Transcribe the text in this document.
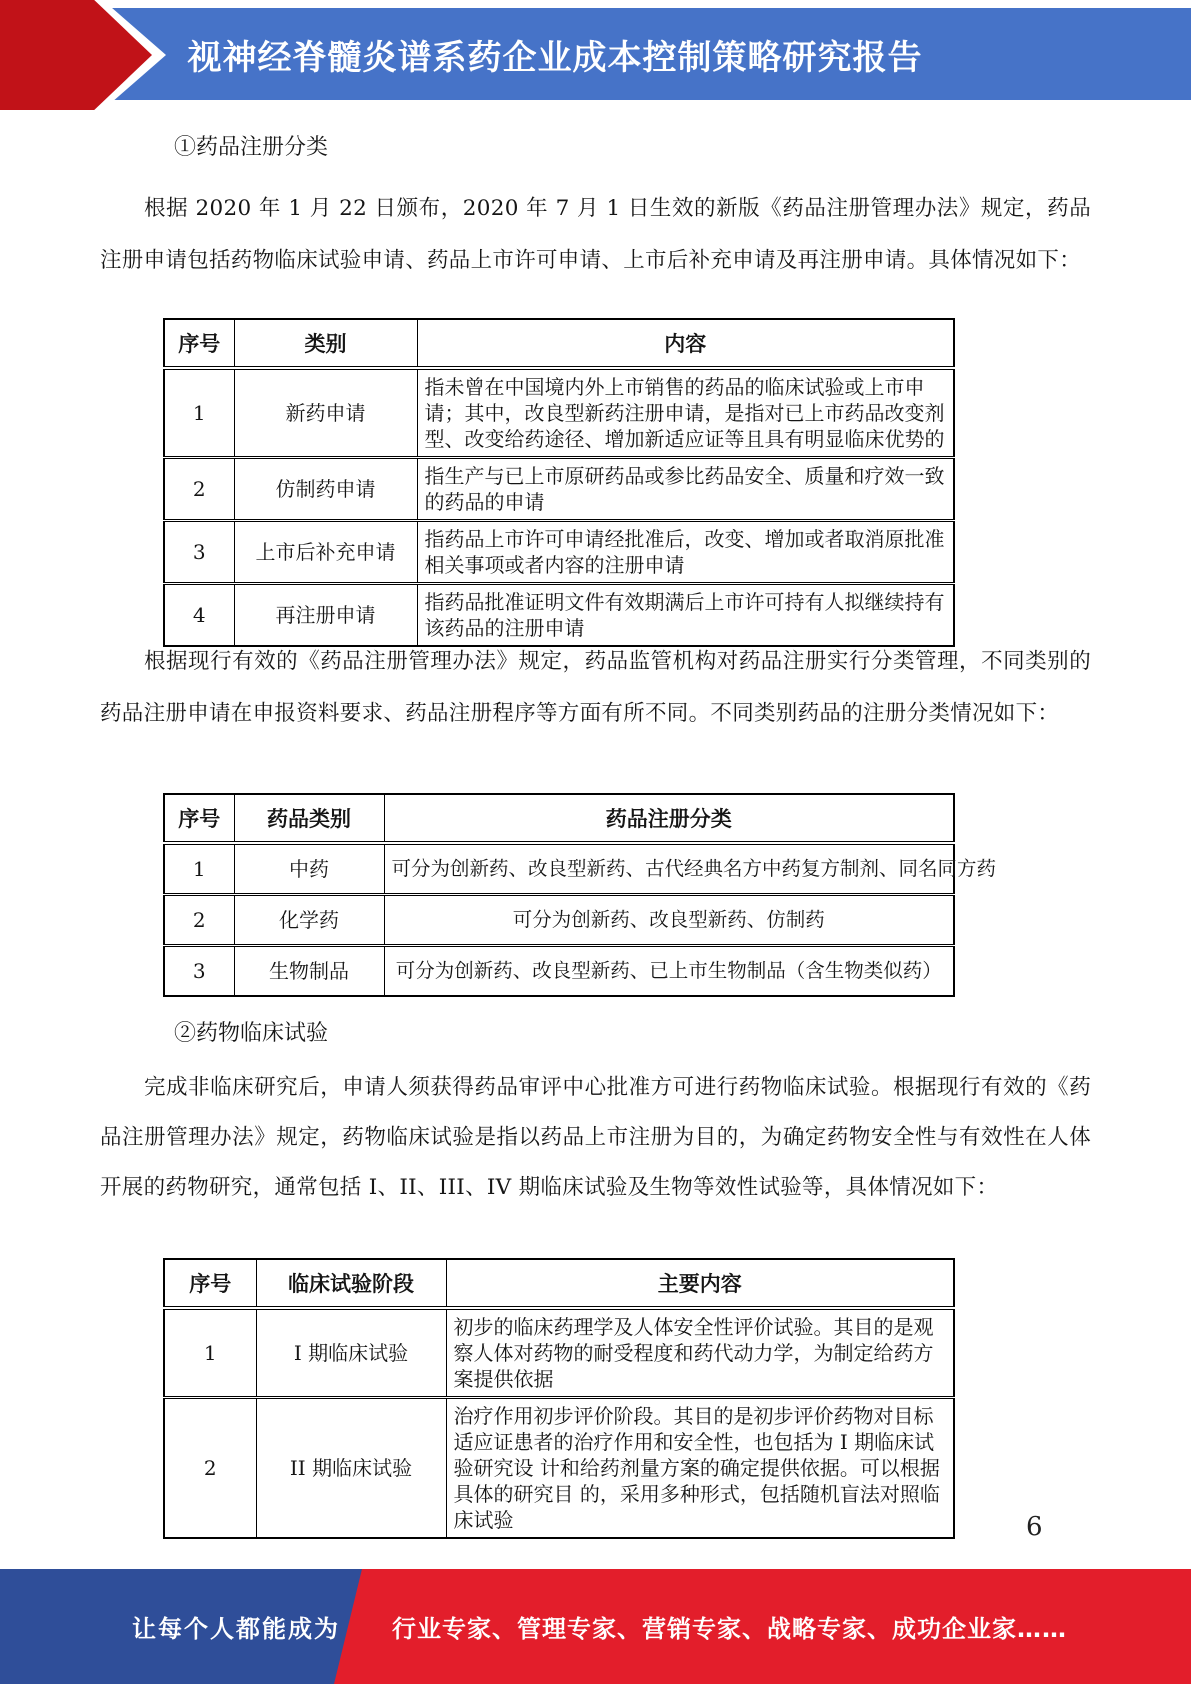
视神经脊髓炎谱系药企业成本控制策略研究报告
①药品注册分类

根据 2020 年 1 月 22 日颁布，2020 年 7 月 1 日生效的新版《药品注册管理办法》规定，药品注册申请包括药物临床试验申请、药品上市许可申请、上市后补充申请及再注册申请。具体情况如下：

序号	类别	内容
1	新药申请	指未曾在中国境内外上市销售的药品的临床试验或上市申请；其中，改良型新药注册申请，是指对已上市药品改变剂型、改变给药途径、增加新适应证等且具有明显临床优势的
2	仿制药申请	指生产与已上市原研药品或参比药品安全、质量和疗效一致的药品的申请
3	上市后补充申请	指药品上市许可申请经批准后，改变、增加或者取消原批准相关事项或者内容的注册申请
4	再注册申请	指药品批准证明文件有效期满后上市许可持有人拟继续持有该药品的注册申请

根据现行有效的《药品注册管理办法》规定，药品监管机构对药品注册实行分类管理，不同类别的药品注册申请在申报资料要求、药品注册程序等方面有所不同。不同类别药品的注册分类情况如下：

序号	药品类别	药品注册分类
1	中药	可分为创新药、改良型新药、古代经典名方中药复方制剂、同名同方药
2	化学药	可分为创新药、改良型新药、仿制药
3	生物制品	可分为创新药、改良型新药、已上市生物制品（含生物类似药）
②药物临床试验

完成非临床研究后，申请人须获得药品审评中心批准方可进行药物临床试验。根据现行有效的《药品注册管理办法》规定，药物临床试验是指以药品上市注册为目的，为确定药物安全性与有效性在人体开展的药物研究，通常包括 I、II、III、IV 期临床试验及生物等效性试验等，具体情况如下：

序号	临床试验阶段	主要内容
1	I 期临床试验	初步的临床药理学及人体安全性评价试验。其目的是观察人体对药物的耐受程度和药代动力学，为制定给药方案提供依据
2	II 期临床试验	治疗作用初步评价阶段。其目的是初步评价药物对目标适应证患者的治疗作用和安全性，也包括为 I 期临床试验研究设 计和给药剂量方案的确定提供依据。可以根据具体的研究目 的，采用多种形式，包括随机盲法对照临床试验	6
让每个人都能成为 行业专家、管理专家、营销专家、战略专家、成功企业家……
